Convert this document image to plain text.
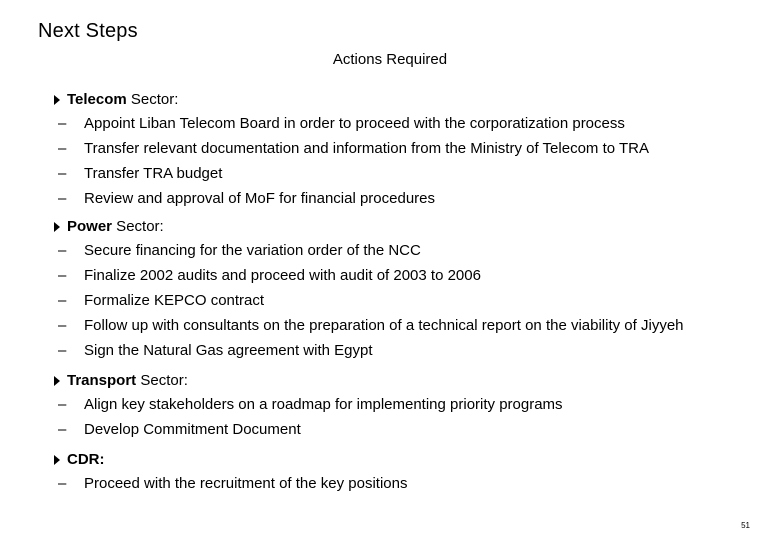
Next Steps
Actions Required
Telecom Sector:
– Appoint Liban Telecom Board in order to proceed with the corporatization process
– Transfer relevant documentation and information from the Ministry of Telecom to TRA
– Transfer TRA budget
– Review and approval of MoF for financial procedures
Power Sector:
– Secure financing for the variation order of the NCC
– Finalize 2002 audits and proceed with audit of 2003 to 2006
– Formalize KEPCO contract
– Follow up with consultants on the preparation of a technical report on the viability of Jiyyeh
– Sign the Natural Gas agreement with Egypt
Transport Sector:
– Align key stakeholders on a roadmap for implementing priority programs
– Develop Commitment Document
CDR:
– Proceed with the recruitment of the key positions
51
